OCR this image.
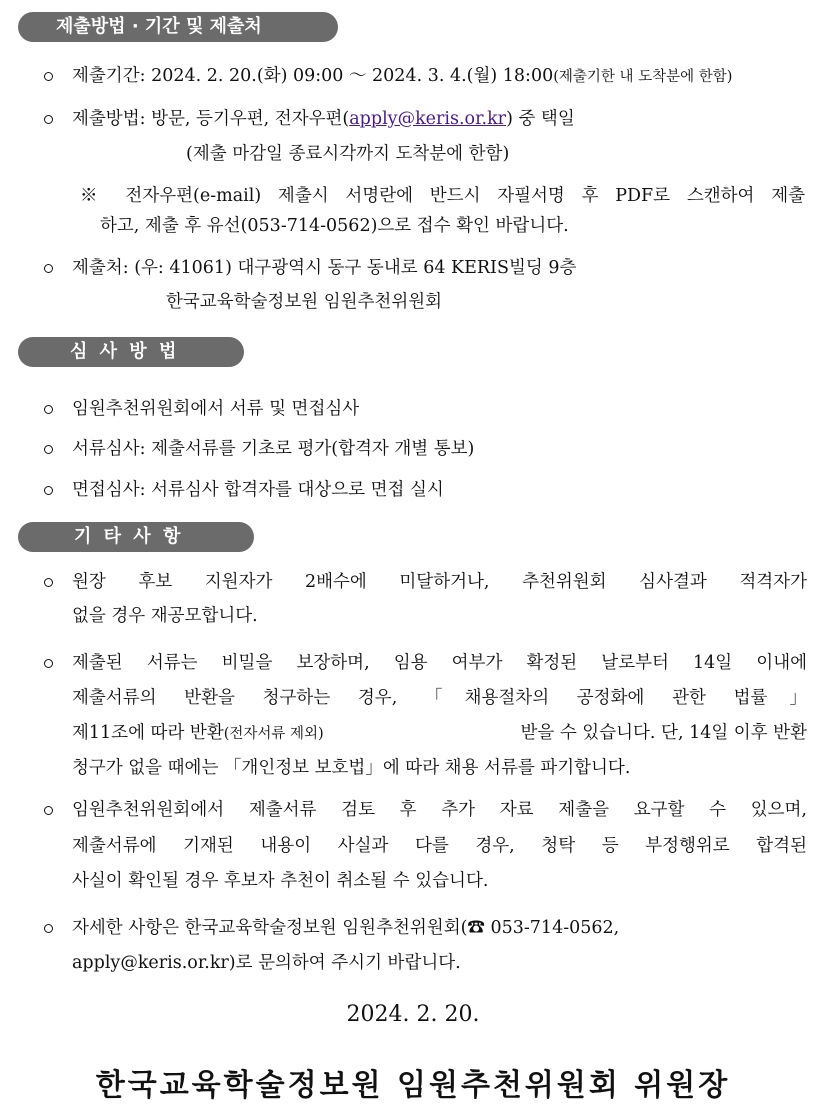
제출방법 · 기간 및 제출처
제출기간: 2024. 2. 20.(화) 09:00 ～ 2024. 3. 4.(월) 18:00(제출기한 내 도착분에 한함)
제출방법: 방문, 등기우편, 전자우편(apply@keris.or.kr) 중 택일
(제출 마감일 종료시각까지 도착분에 한함)
※ 전자우편(e-mail) 제출시 서명란에 반드시 자필서명 후 PDF로 스캔하여 제출
하고, 제출 후 유선(053-714-0562)으로 접수 확인 바랍니다.
제출처: (우: 41061) 대구광역시 동구 동내로 64 KERIS빌딩 9층
한국교육학술정보원 임원추천위원회
심 사 방 법
임원추천위원회에서 서류 및 면접심사
서류심사: 제출서류를 기초로 평가(합격자 개별 통보)
면접심사: 서류심사 합격자를 대상으로 면접 실시
기 타 사 항
원장 후보 지원자가 2배수에 미달하거나, 추천위원회 심사결과 적격자가
없을 경우 재공모합니다.
제출된 서류는 비밀을 보장하며, 임용 여부가 확정된 날로부터 14일 이내에
제출서류의 반환을 청구하는 경우, 「채용절차의 공정화에 관한 법률」
제11조에 따라 반환(전자서류 제외)	받을 수 있습니다. 단, 14일 이후 반환
청구가 없을 때에는 「개인정보 보호법」에 따라 채용 서류를 파기합니다.
임원추천위원회에서 제출서류 검토 후 추가 자료 제출을 요구할 수 있으며,
제출서류에 기재된 내용이 사실과 다를 경우, 청탁 등 부정행위로 합격된
사실이 확인될 경우 후보자 추천이 취소될 수 있습니다.
자세한 사항은 한국교육학술정보원 임원추천위원회(☎ 053-714-0562,
apply@keris.or.kr)로 문의하여 주시기 바랍니다.
2024. 2. 20.
한국교육학술정보원 임원추천위원회 위원장
